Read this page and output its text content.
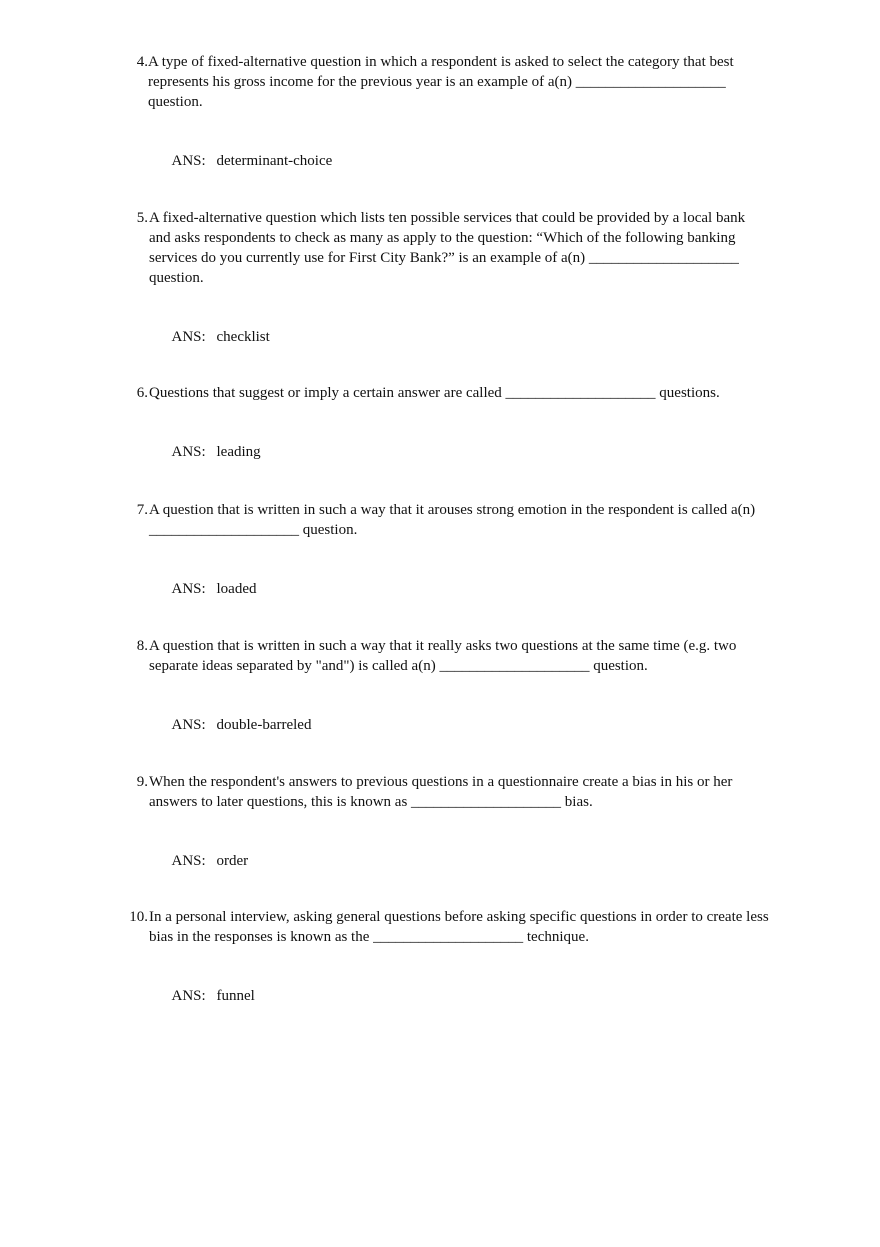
4. A type of fixed-alternative question in which a respondent is asked to select the category that best

represents his gross income for the previous year is an example of a(n) ____________________

question.

ANS: determinant-choice

5. A fixed-alternative question which lists ten possible services that could be provided by a local bank

and asks respondents to check as many as apply to the question: “Which of the following banking

services do you currently use for First City Bank?” is an example of a(n) ____________________

question.

ANS: checklist

6. Questions that suggest or imply a certain answer are called ____________________ questions.

ANS: leading

7. A question that is written in such a way that it arouses strong emotion in the respondent is called a(n)

____________________ question.

ANS: loaded

8. A question that is written in such a way that it really asks two questions at the same time (e.g. two

separate ideas separated by "and") is called a(n) ____________________ question.

ANS: double-barreled

9. When the respondent's answers to previous questions in a questionnaire create a bias in his or her

answers to later questions, this is known as ____________________ bias.

ANS: order

10. In a personal interview, asking general questions before asking specific questions in order to create less

bias in the responses is known as the ____________________ technique.

ANS: funnel
